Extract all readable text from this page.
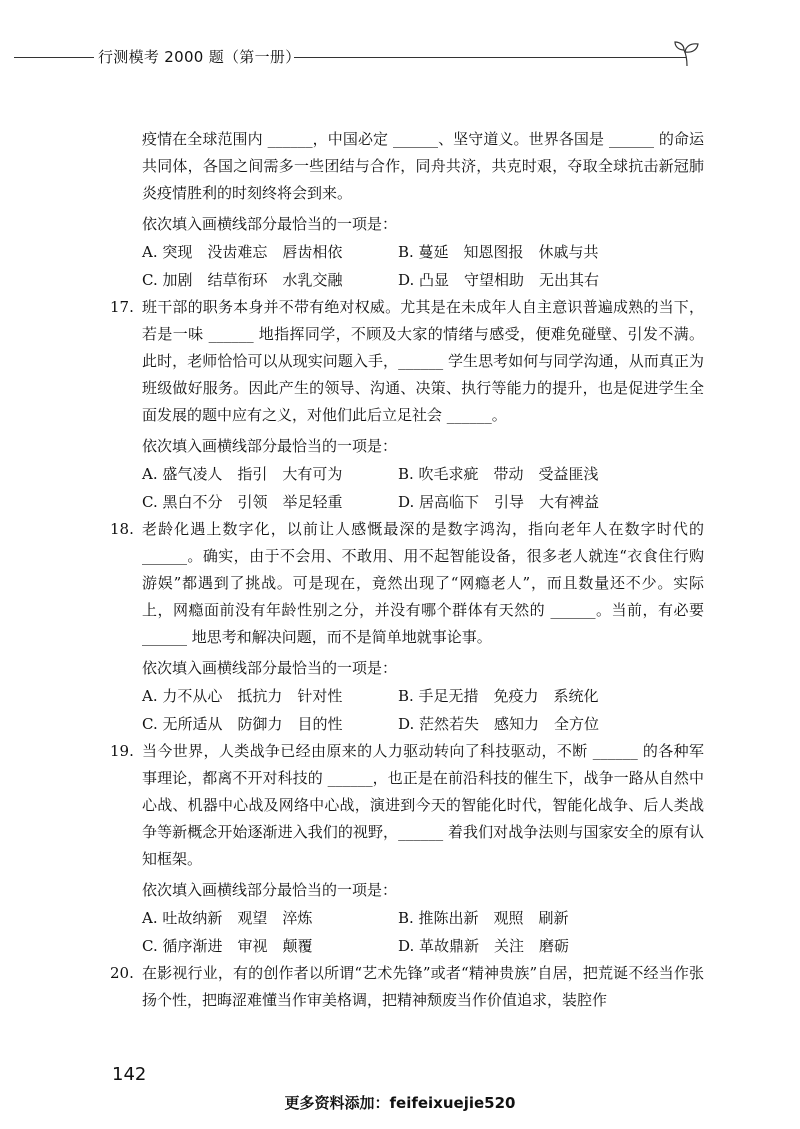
行测模考 2000 题（第一册）

疫情在全球范围内 ______，中国必定 ______、坚守道义。世界各国是 ______ 的命运共同体，各国之间需多一些团结与合作，同舟共济，共克时艰，夺取全球抗击新冠肺炎疫情胜利的时刻终将会到来。

依次填入画横线部分最恰当的一项是：

A. 突现　没齿难忘　唇齿相依	B. 蔓延　知恩图报　休戚与共
C. 加剧　结草衔环　水乳交融	D. 凸显　守望相助　无出其右
17. 班干部的职务本身并不带有绝对权威。尤其是在未成年人自主意识普遍成熟的当下，若是一味 ______ 地指挥同学，不顾及大家的情绪与感受，便难免碰壁、引发不满。此时，老师恰恰可以从现实问题入手，______ 学生思考如何与同学沟通，从而真正为班级做好服务。因此产生的领导、沟通、决策、执行等能力的提升，也是促进学生全面发展的题中应有之义，对他们此后立足社会 ______。

依次填入画横线部分最恰当的一项是：

A. 盛气凌人　指引　大有可为	B. 吹毛求疵　带动　受益匪浅
C. 黑白不分　引领　举足轻重	D. 居高临下　引导　大有裨益
18. 老龄化遇上数字化，以前让人感慨最深的是数字鸿沟，指向老年人在数字时代的 ______。确实，由于不会用、不敢用、用不起智能设备，很多老人就连“衣食住行购游娱”都遇到了挑战。可是现在，竟然出现了“网瘾老人”，而且数量还不少。实际上，网瘾面前没有年龄性别之分，并没有哪个群体有天然的 ______。当前，有必要 ______ 地思考和解决问题，而不是简单地就事论事。

依次填入画横线部分最恰当的一项是：

A. 力不从心　抵抗力　针对性	B. 手足无措　免疫力　系统化
C. 无所适从　防御力　目的性	D. 茫然若失　感知力　全方位
19. 当今世界，人类战争已经由原来的人力驱动转向了科技驱动，不断 ______ 的各种军事理论，都离不开对科技的 ______，也正是在前沿科技的催生下，战争一路从自然中心战、机器中心战及网络中心战，演进到今天的智能化时代，智能化战争、后人类战争等新概念开始逐渐进入我们的视野，______ 着我们对战争法则与国家安全的原有认知框架。

依次填入画横线部分最恰当的一项是：

A. 吐故纳新　观望　淬炼	B. 推陈出新　观照　刷新
C. 循序渐进　审视　颠覆	D. 革故鼎新　关注　磨砺
20. 在影视行业，有的创作者以所谓“艺术先锋”或者“精神贵族”自居，把荒诞不经当作张扬个性，把晦涩难懂当作审美格调，把精神颓废当作价值追求，装腔作

142
更多资料添加：feifeixuejie520
